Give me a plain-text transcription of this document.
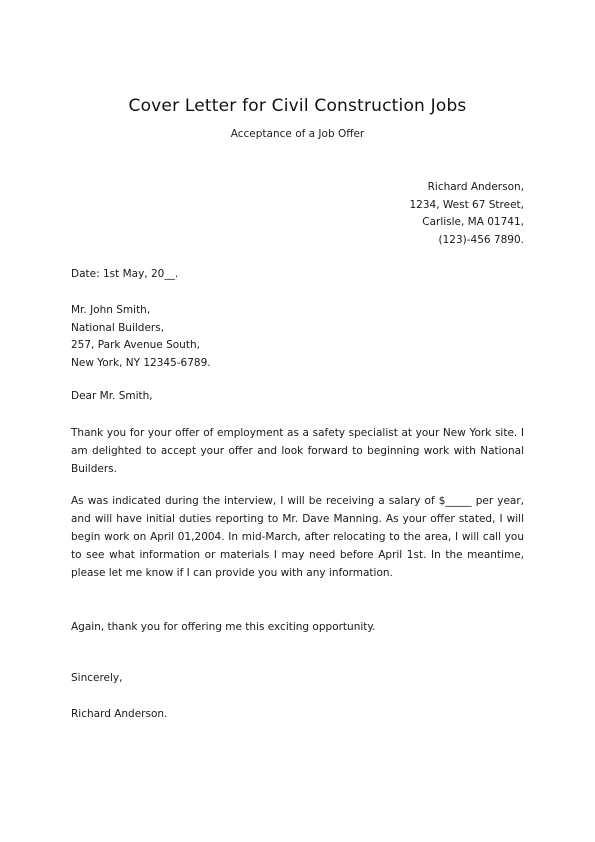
Cover Letter for Civil Construction Jobs
Acceptance of a Job Offer
Richard Anderson,
1234, West 67 Street,
Carlisle, MA 01741,
(123)-456 7890.
Date: 1st May, 20__.
Mr. John Smith,
National Builders,
257, Park Avenue South,
New York, NY 12345-6789.
Dear Mr. Smith,
Thank you for your offer of employment as a safety specialist at your New York site. I am delighted to accept your offer and look forward to beginning work with National Builders.
As was indicated during the interview, I will be receiving a salary of $_____ per year, and will have initial duties reporting to Mr. Dave Manning. As your offer stated, I will begin work on April 01,2004. In mid-March, after relocating to the area, I will call you to see what information or materials I may need before April 1st. In the meantime, please let me know if I can provide you with any information.
Again, thank you for offering me this exciting opportunity.
Sincerely,
Richard Anderson.
